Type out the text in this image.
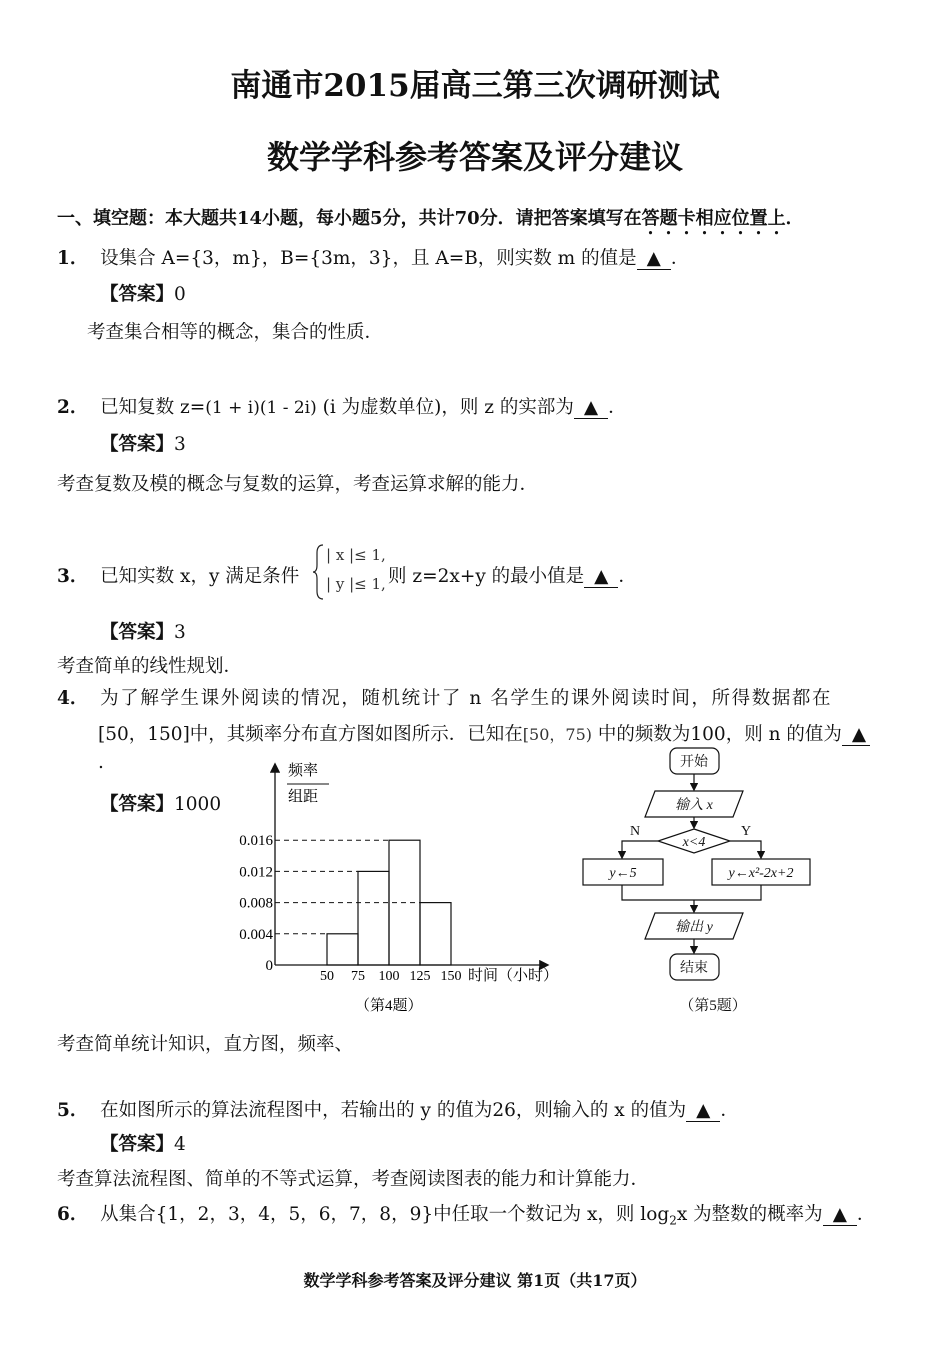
南通市2015届高三第三次调研测试
数学学科参考答案及评分建议
一、填空题：本大题共14小题，每小题5分，共计70分．请把答案填写在答题卡相应位置上．
1． 设集合 A={3，m}，B={3m，3}，且 A=B，则实数 m 的值是 ▲ ．
【答案】0
考查集合相等的概念，集合的性质．
2． 已知复数 z=(1 + i)(1 - 2i) (i 为虚数单位)，则 z 的实部为 ▲ ．
【答案】3
考查复数及模的概念与复数的运算，考查运算求解的能力．
3． 已知实数 x，y 满足条件
| x |≤ 1,
| y |≤ 1, 则 z=2x+y 的最小值是 ▲ ．
【答案】3
考查简单的线性规划．
4． 为了解学生课外阅读的情况，随机统计了 n 名学生的课外阅读时间，所得数据都在
[50，150]中，其频率分布直方图如图所示．已知在[50，75) 中的频数为100，则 n 的值为 ▲
.
【答案】1000
频率
组距
0.016
0.012
0.008
0.004
0
50 75 100 125 150 时间（小时）
（第4题）
开始
输入 x
x<4
N	Y
y←5	y←x²-2x+2
输出 y
结束
（第5题）
考查简单统计知识，直方图，频率、
5． 在如图所示的算法流程图中，若输出的 y 的值为26，则输入的 x 的值为 ▲ ．
【答案】4
考查算法流程图、简单的不等式运算，考查阅读图表的能力和计算能力．
6． 从集合{1，2，3，4，5，6，7，8，9}中任取一个数记为 x，则 $\log_2x$ 为整数的概率为 ▲ ．
数学学科参考答案及评分建议 第1页（共17页）
